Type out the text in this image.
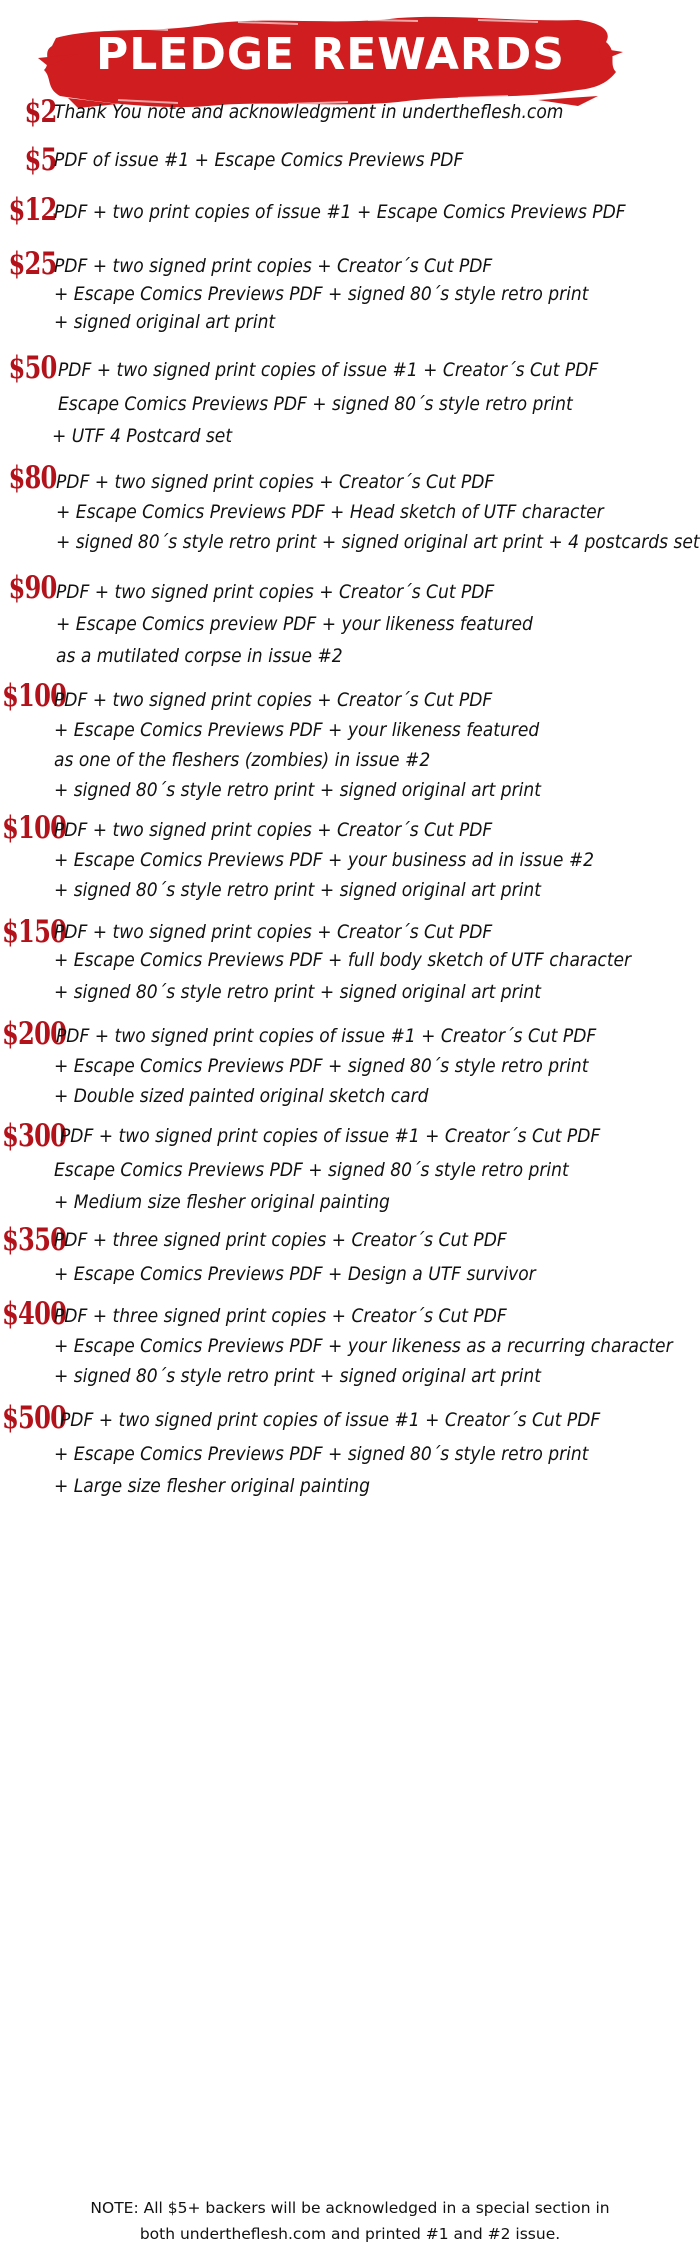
PLEDGE REWARDS
$2
Thank You note and acknowledgment in undertheflesh.com
$5
PDF of issue #1 + Escape Comics Previews PDF
$12
PDF + two print copies of issue #1 + Escape Comics Previews PDF
$25
PDF + two signed print copies + Creator´s Cut PDF
+ Escape Comics Previews PDF + signed 80´s style retro print
+ signed original art print
$50 PDF + two signed print copies of issue #1 + Creator´s Cut PDF
Escape Comics Previews PDF + signed 80´s style retro print
+ UTF 4 Postcard set
$80 PDF + two signed print copies + Creator´s Cut PDF
+ Escape Comics Previews PDF + Head sketch of UTF character
+ signed 80´s style retro print + signed original art print + 4 postcards set
$90 PDF + two signed print copies + Creator´s Cut PDF
+ Escape Comics preview PDF + your likeness featured
as a mutilated corpse in issue #2
$100
PDF + two signed print copies + Creator´s Cut PDF
+ Escape Comics Previews PDF + your likeness featured
as one of the fleshers (zombies) in issue #2
+ signed 80´s style retro print + signed original art print
$100
PDF + two signed print copies + Creator´s Cut PDF
+ Escape Comics Previews PDF + your business ad in issue #2
+ signed 80´s style retro print + signed original art print
$150
PDF + two signed print copies + Creator´s Cut PDF
+ Escape Comics Previews PDF + full body sketch of UTF character
+ signed 80´s style retro print + signed original art print
$200
PDF + two signed print copies of issue #1 + Creator´s Cut PDF
+ Escape Comics Previews PDF + signed 80´s style retro print
+ Double sized painted original sketch card
$300
PDF + two signed print copies of issue #1 + Creator´s Cut PDF
Escape Comics Previews PDF + signed 80´s style retro print
+ Medium size flesher original painting
$350
PDF + three signed print copies + Creator´s Cut PDF
+ Escape Comics Previews PDF + Design a UTF survivor
$400
PDF + three signed print copies + Creator´s Cut PDF
+ Escape Comics Previews PDF + your likeness as a recurring character
+ signed 80´s style retro print + signed original art print
$500
PDF + two signed print copies of issue #1 + Creator´s Cut PDF
+ Escape Comics Previews PDF + signed 80´s style retro print
+ Large size flesher original painting
NOTE: All $5+ backers will be acknowledged in a special section in
both undertheflesh.com and printed #1 and #2 issue.
